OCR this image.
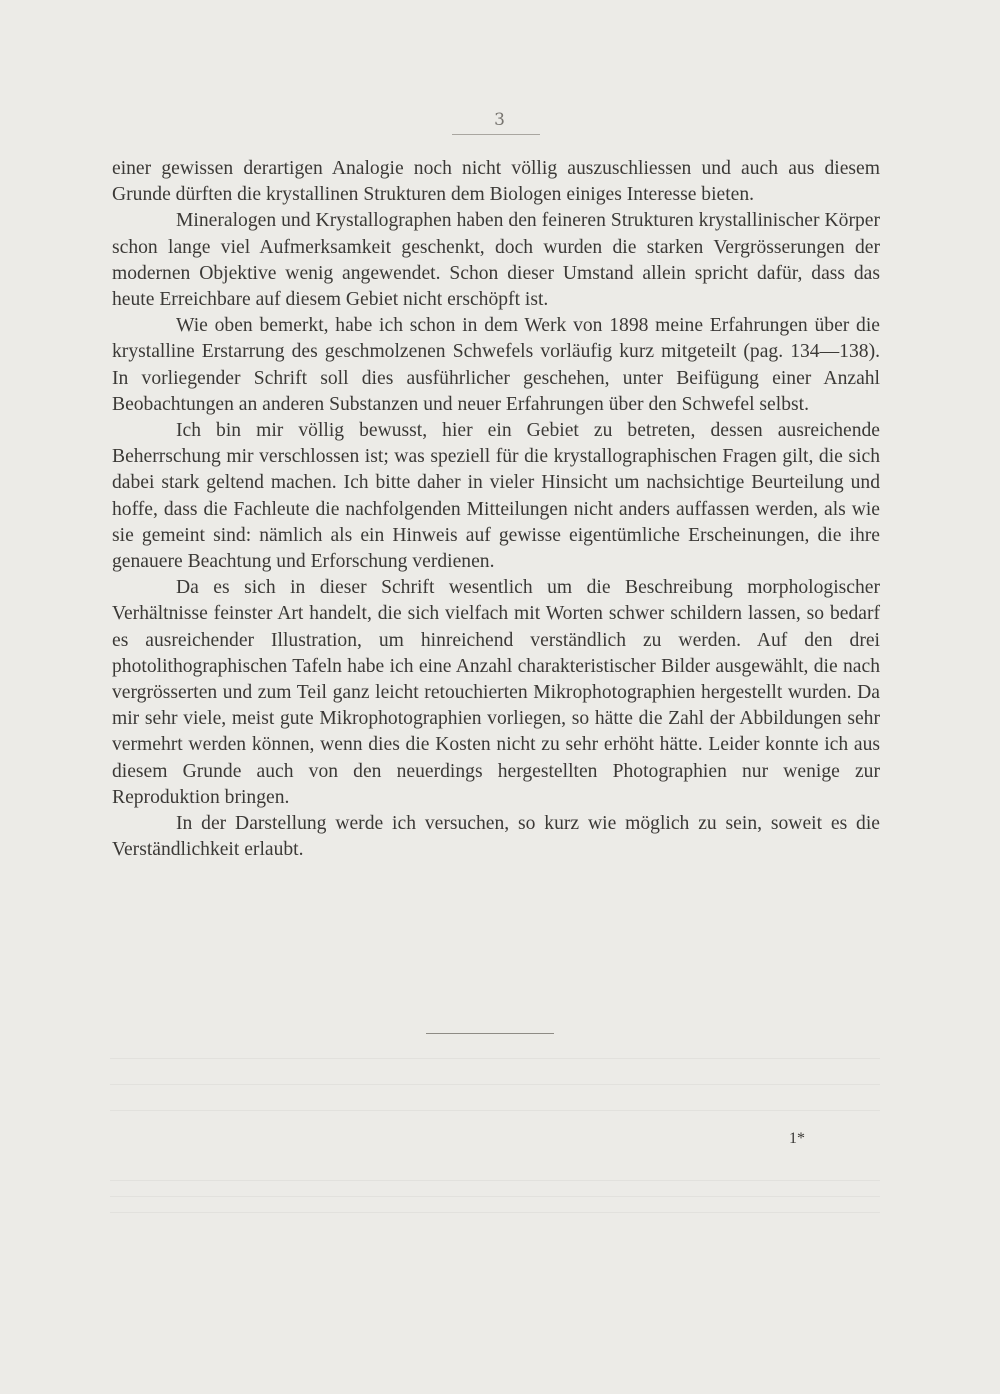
3

einer gewissen derartigen Analogie noch nicht völlig auszuschliessen und auch aus diesem Grunde dürften die krystallinen Strukturen dem Biologen einiges Interesse bieten.

Mineralogen und Krystallographen haben den feineren Strukturen krystallinischer Körper schon lange viel Aufmerksamkeit geschenkt, doch wurden die starken Vergrösserungen der modernen Objektive wenig angewendet. Schon dieser Umstand allein spricht dafür, dass das heute Erreichbare auf diesem Gebiet nicht erschöpft ist.

Wie oben bemerkt, habe ich schon in dem Werk von 1898 meine Erfahrungen über die krystalline Erstarrung des geschmolzenen Schwefels vorläufig kurz mitgeteilt (pag. 134—138). In vorliegender Schrift soll dies ausführlicher geschehen, unter Beifügung einer Anzahl Beobachtungen an anderen Substanzen und neuer Erfahrungen über den Schwefel selbst.

Ich bin mir völlig bewusst, hier ein Gebiet zu betreten, dessen ausreichende Beherrschung mir verschlossen ist; was speziell für die krystallographischen Fragen gilt, die sich dabei stark geltend machen. Ich bitte daher in vieler Hinsicht um nachsichtige Beurteilung und hoffe, dass die Fachleute die nachfolgenden Mitteilungen nicht anders auffassen werden, als wie sie gemeint sind: nämlich als ein Hinweis auf gewisse eigentümliche Erscheinungen, die ihre genauere Beachtung und Erforschung verdienen.

Da es sich in dieser Schrift wesentlich um die Beschreibung morphologischer Verhältnisse feinster Art handelt, die sich vielfach mit Worten schwer schildern lassen, so bedarf es ausreichender Illustration, um hinreichend verständlich zu werden. Auf den drei photolithographischen Tafeln habe ich eine Anzahl charakteristischer Bilder ausgewählt, die nach vergrösserten und zum Teil ganz leicht retouchierten Mikrophotographien hergestellt wurden. Da mir sehr viele, meist gute Mikrophotographien vorliegen, so hätte die Zahl der Abbildungen sehr vermehrt werden können, wenn dies die Kosten nicht zu sehr erhöht hätte. Leider konnte ich aus diesem Grunde auch von den neuerdings hergestellten Photographien nur wenige zur Reproduktion bringen.

In der Darstellung werde ich versuchen, so kurz wie möglich zu sein, soweit es die Verständlichkeit erlaubt.

1*
